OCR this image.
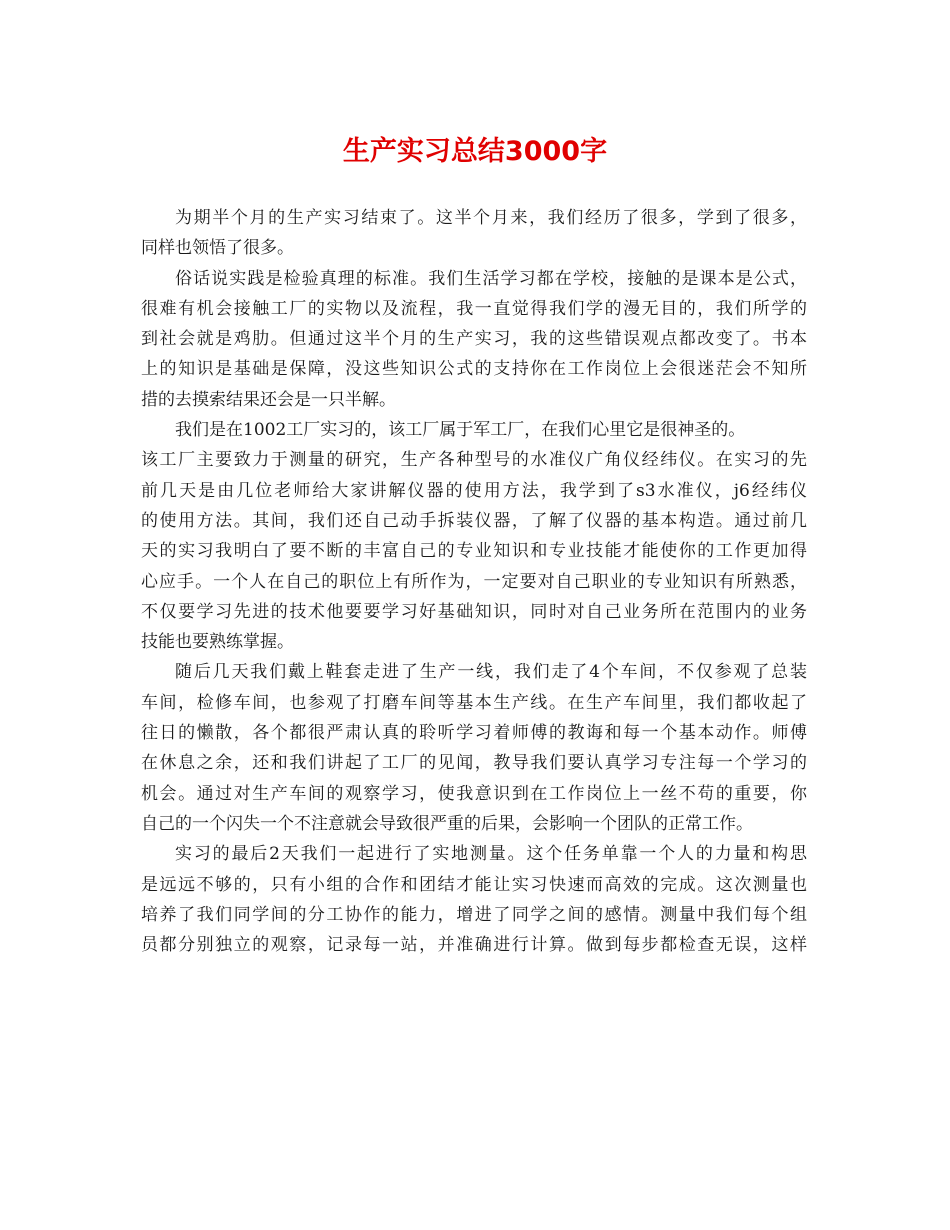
生产实习总结3000字
为期半个月的生产实习结束了。这半个月来，我们经历了很多，学到了很多，
同样也领悟了很多。
俗话说实践是检验真理的标准。我们生活学习都在学校，接触的是课本是公式，
很难有机会接触工厂的实物以及流程，我一直觉得我们学的漫无目的，我们所学的
到社会就是鸡肋。但通过这半个月的生产实习，我的这些错误观点都改变了。书本
上的知识是基础是保障，没这些知识公式的支持你在工作岗位上会很迷茫会不知所
措的去摸索结果还会是一只半解。
我们是在1002工厂实习的，该工厂属于军工厂，在我们心里它是很神圣的。
该工厂主要致力于测量的研究，生产各种型号的水准仪广角仪经纬仪。在实习的先
前几天是由几位老师给大家讲解仪器的使用方法，我学到了s3水准仪，j6经纬仪
的使用方法。其间，我们还自己动手拆装仪器，了解了仪器的基本构造。通过前几
天的实习我明白了要不断的丰富自己的专业知识和专业技能才能使你的工作更加得
心应手。一个人在自己的职位上有所作为，一定要对自己职业的专业知识有所熟悉，
不仅要学习先进的技术他要要学习好基础知识，同时对自己业务所在范围内的业务
技能也要熟练掌握。
随后几天我们戴上鞋套走进了生产一线，我们走了4个车间，不仅参观了总装
车间，检修车间，也参观了打磨车间等基本生产线。在生产车间里，我们都收起了
往日的懒散，各个都很严肃认真的聆听学习着师傅的教诲和每一个基本动作。师傅
在休息之余，还和我们讲起了工厂的见闻，教导我们要认真学习专注每一个学习的
机会。通过对生产车间的观察学习，使我意识到在工作岗位上一丝不苟的重要，你
自己的一个闪失一个不注意就会导致很严重的后果，会影响一个团队的正常工作。
实习的最后2天我们一起进行了实地测量。这个任务单靠一个人的力量和构思
是远远不够的，只有小组的合作和团结才能让实习快速而高效的完成。这次测量也
培养了我们同学间的分工协作的能力，增进了同学之间的感情。测量中我们每个组
员都分别独立的观察，记录每一站，并准确进行计算。做到每步都检查无误，这样
